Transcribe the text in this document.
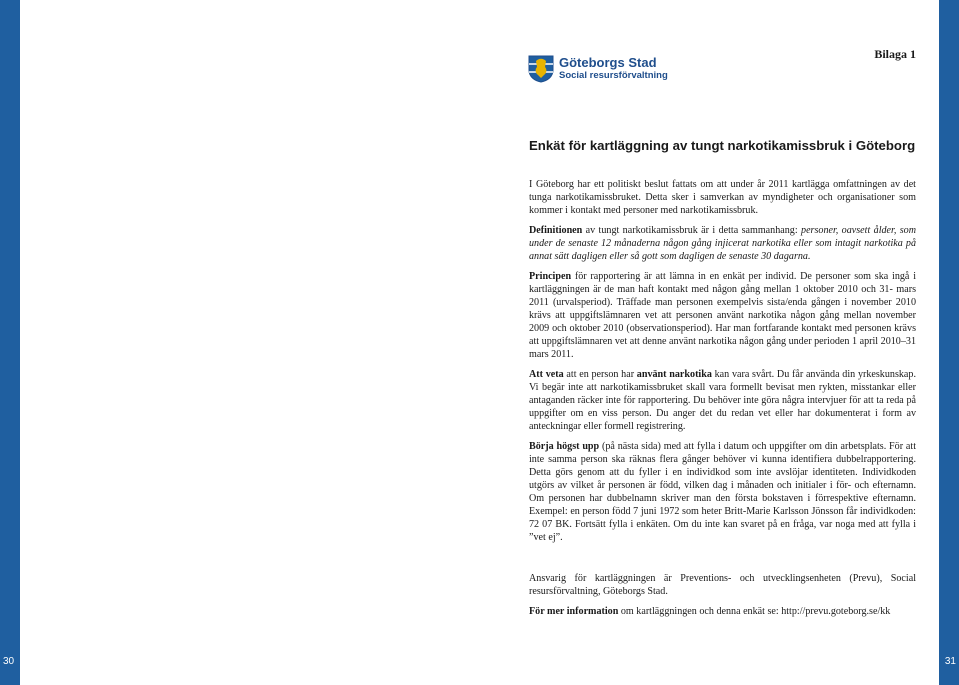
30	31
Bilaga 1
Göteborgs Stad
Social resursförvaltning
Enkät för kartläggning av tungt narkotikamissbruk i Göteborg

I Göteborg har ett politiskt beslut fattats om att under år 2011 kartlägga omfattningen av det tunga narkotikamissbruket. Detta sker i samverkan av myndigheter och organisationer som kommer i kontakt med personer med narkotikamissbruk.

Definitionen av tungt narkotikamissbruk är i detta sammanhang: personer, oavsett ålder, som under de senaste 12 månaderna någon gång injicerat narkotika eller som intagit narkotika på annat sätt dagligen eller så gott som dagligen de senaste 30 dagarna.

Principen för rapportering är att lämna in en enkät per individ. De personer som ska ingå i kartläggningen är de man haft kontakt med någon gång mellan 1 oktober 2010 och 31- mars 2011 (urvalsperiod). Träffade man personen exempelvis sista/enda gången i november 2010 krävs att uppgiftslämnaren vet att personen använt narkotika någon gång mellan november 2009 och oktober 2010 (observationsperiod). Har man fortfarande kontakt med personen krävs att uppgiftslämnaren vet att denne använt narkotika någon gång under perioden 1 april 2010–31 mars 2011.

Att veta att en person har använt narkotika kan vara svårt. Du får använda din yrkeskunskap. Vi begär inte att narkotikamissbruket skall vara formellt bevisat men rykten, misstankar eller antaganden räcker inte för rapportering. Du behöver inte göra några intervjuer för att ta reda på uppgifter om en viss person. Du anger det du redan vet eller har dokumenterat i form av anteckningar eller formell registrering.

Börja högst upp (på nästa sida) med att fylla i datum och uppgifter om din arbetsplats. För att inte samma person ska räknas flera gånger behöver vi kunna identifiera dubbelrapportering. Detta görs genom att du fyller i en individkod som inte avslöjar identiteten. Individkoden utgörs av vilket år personen är född, vilken dag i månaden och initialer i för- och efternamn. Om personen har dubbelnamn skriver man den första bokstaven i förrespektive efternamn. Exempel: en person född 7 juni 1972 som heter Britt-Marie Karlsson Jönsson får individkoden: 72 07 BK. Fortsätt fylla i enkäten. Om du inte kan svaret på en fråga, var noga med att fylla i ”vet ej”.

Ansvarig för kartläggningen är Preventions- och utvecklingsenheten (Prevu), Social resursförvaltning, Göteborgs Stad.

För mer information om kartläggningen och denna enkät se: http://prevu.goteborg.se/kk
